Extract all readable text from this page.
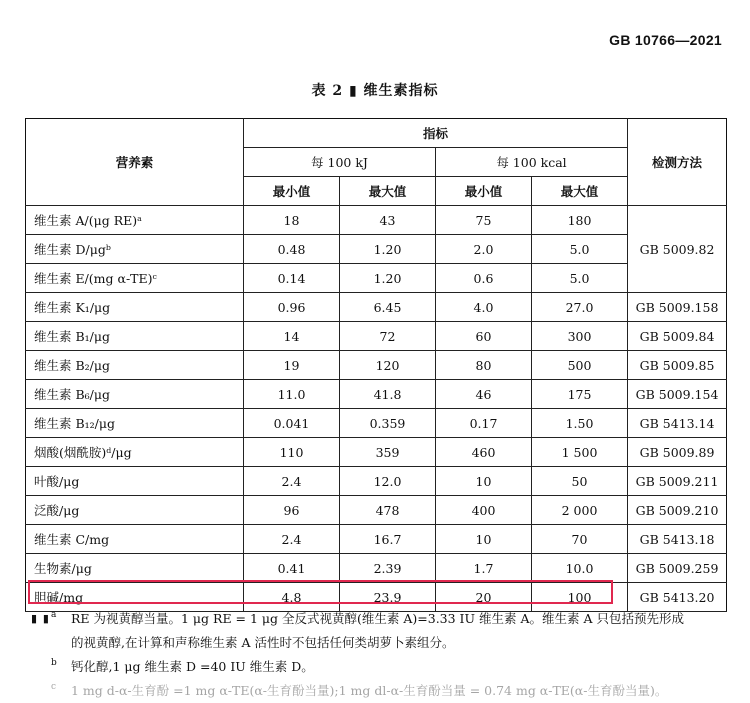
GB 10766—2021
表 2 ▮ 维生素指标
营养素	指标				检测方法
	每 100 kJ		每 100 kcal		
	最小值	最大值	最小值	最大值	
维生素 A/(μg RE)ᵃ	18	43	75	180	GB 5009.82
维生素 D/μgᵇ	0.48	1.20	2.0	5.0	
维生素 E/(mg α-TE)ᶜ	0.14	1.20	0.6	5.0	
维生素 K₁/μg	0.96	6.45	4.0	27.0	GB 5009.158
维生素 B₁/μg	14	72	60	300	GB 5009.84
维生素 B₂/μg	19	120	80	500	GB 5009.85
维生素 B₆/μg	11.0	41.8	46	175	GB 5009.154
维生素 B₁₂/μg	0.041	0.359	0.17	1.50	GB 5413.14
烟酸(烟酰胺)ᵈ/μg	110	359	460	1 500	GB 5009.89
叶酸/μg	2.4	12.0	10	50	GB 5009.211
泛酸/μg	96	478	400	2 000	GB 5009.210
维生素 C/mg	2.4	16.7	10	70	GB 5413.18
生物素/μg	0.41	2.39	1.7	10.0	GB 5009.259
胆碱/mg	4.8	23.9	20	100	GB 5413.20
▮ ▮ a RE 为视黄醇当量。1 μg RE = 1 μg 全反式视黄醇(维生素 A)=3.33 IU 维生素 A。维生素 A 只包括预先形成
的视黄醇,在计算和声称维生素 A 活性时不包括任何类胡萝卜素组分。
b 钙化醇,1 μg 维生素 D =40 IU 维生素 D。
c 1 mg d-α-生育酚 =1 mg α-TE(α-生育酚当量);1 mg dl-α-生育酚当量 = 0.74 mg α-TE(α-生育酚当量)。
